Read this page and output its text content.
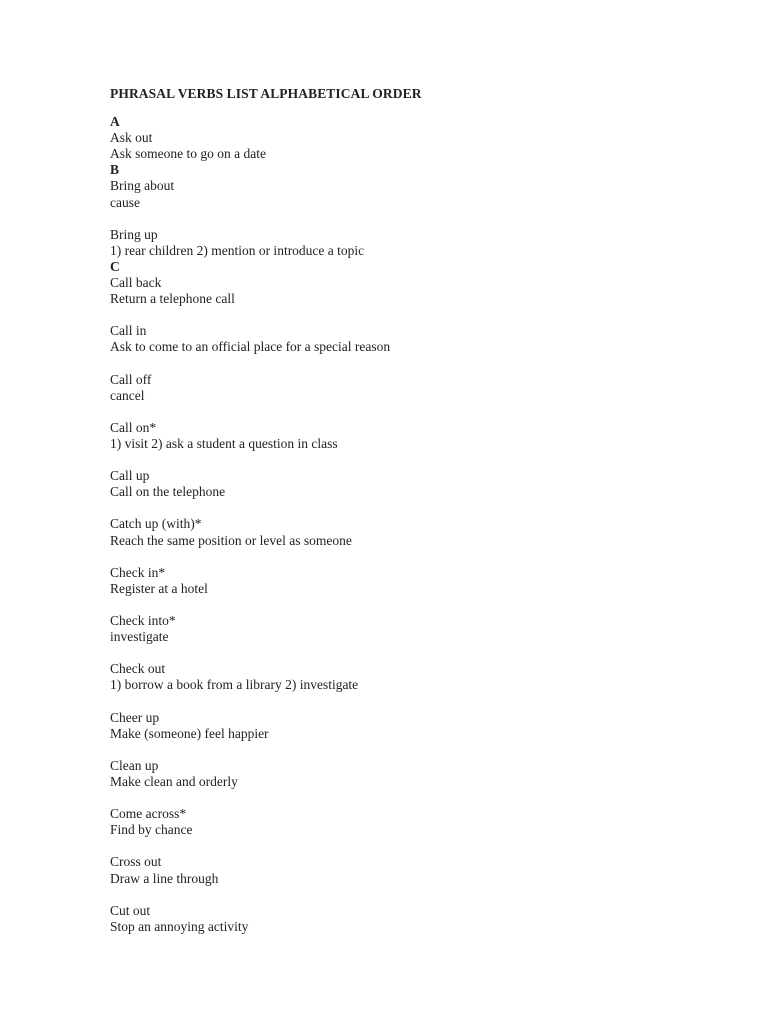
PHRASAL VERBS LIST ALPHABETICAL ORDER
A
Ask out
Ask someone to go on a date
B
Bring about
cause
Bring up
1) rear children 2) mention or introduce a topic
C
Call back
Return a telephone call
Call in
Ask to come to an official place for a special reason
Call off
cancel
Call on*
1) visit 2) ask a student a question in class
Call up
Call on the telephone
Catch up (with)*
Reach the same position or level as someone
Check in*
Register at a hotel
Check into*
investigate
Check out
1) borrow a book from a library 2) investigate
Cheer up
Make (someone) feel happier
Clean up
Make clean and orderly
Come across*
Find by chance
Cross out
Draw a line through
Cut out
Stop an annoying activity
